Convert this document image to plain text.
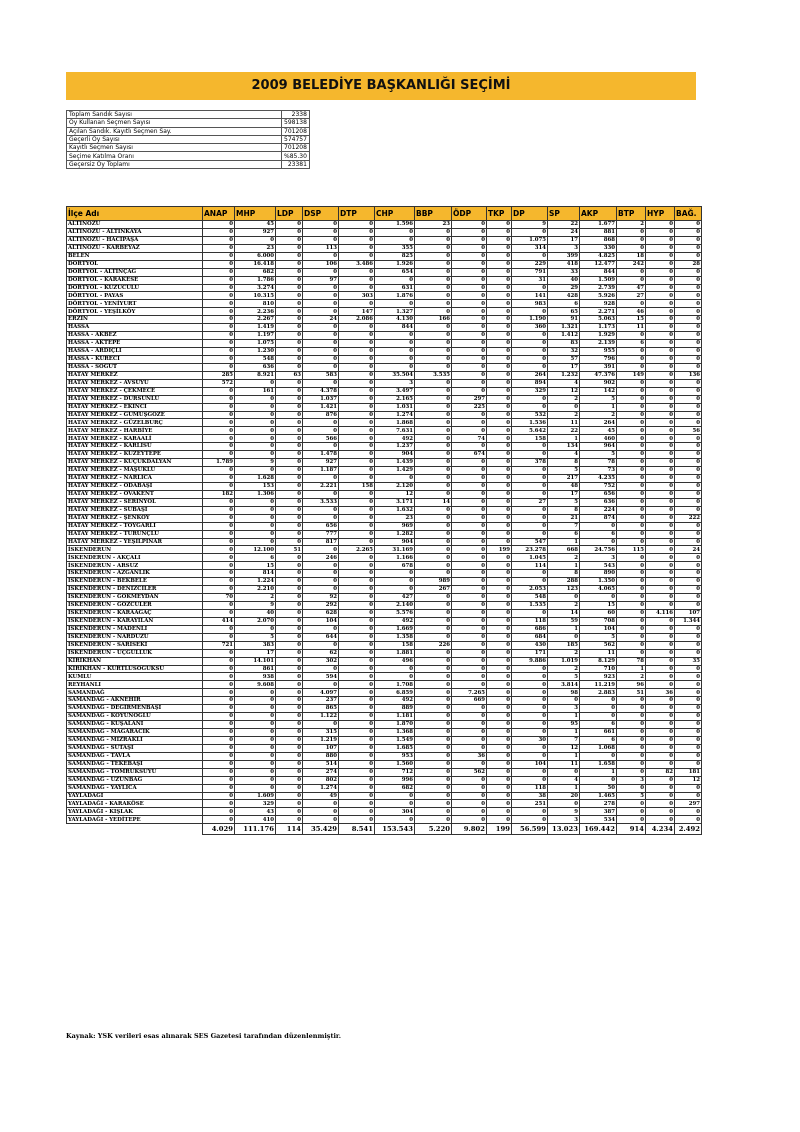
2009 BELEDİYE BAŞKANLIĞI SEÇİMİ
Toplam Sandık Sayısı	2338
Oy Kullanan Seçmen Sayısı	598138
Açılan Sandık. Kayıtlı Seçmen Say.	701208
Geçerli Oy Sayısı	574757
Kayıtlı Seçmen Sayısı	701208
Seçime Katılma Oranı	%85.30
Geçersiz Oy Toplamı	23381
İlçe Adı	ANAP	MHP	LDP	DSP	DTP	CHP	BBP	ÖDP	TKP	DP	SP	AKP	BTP	HYP	BAĞ.
ALTINÖZÜ	0	45	0	0	0	1.596	23	0	0	9	22	1.677	2	0	0
ALTINÖZÜ - ALTINKAYA	0	927	0	0	0	0	0	0	0	0	24	881	0	0	0
ALTINÖZÜ - HACIPAŞA	0	0	0	0	0	0	0	0	0	1.075	17	868	0	0	0
ALTINÖZÜ - KARBEYAZ	0	23	0	113	0	355	0	0	0	314	3	330	0	0	0
BELEN	0	6.000	0	0	0	825	0	0	0	0	399	4.825	18	0	0
DÖRTYOL	0	16.418	0	106	3.486	1.926	0	0	0	229	418	12.477	242	0	28
DÖRTYOL - ALTINÇAĞ	0	682	0	0	0	654	0	0	0	791	33	844	0	0	0
DÖRTYOL - KARAKESE	0	1.786	0	97	0	0	0	0	0	31	40	1.509	0	0	0
DÖRTYOL - KUZUCULU	0	3.274	0	0	0	631	0	0	0	0	29	2.739	47	0	0
DÖRTYOL - PAYAS	0	10.315	0	0	303	1.876	0	0	0	141	428	5.926	27	0	0
DÖRTYOL - YENİYURT	0	810	0	0	0	0	0	0	0	983	6	928	0	0	0
DÖRTYOL - YEŞİLKÖY	0	2.236	0	0	147	1.327	0	0	0	0	65	2.271	46	0	0
ERZİN	0	2.267	0	24	2.086	4.130	166	0	0	1.190	91	5.063	15	0	0
HASSA	0	1.419	0	0	0	844	0	0	0	360	1.321	1.173	11	0	0
HASSA - AKBEZ	0	1.197	0	0	0	0	0	0	0	0	1.412	1.929	0	0	0
HASSA - AKTEPE	0	1.075	0	0	0	0	0	0	0	0	83	2.139	6	0	0
HASSA - ARDIÇLI	0	1.230	0	0	0	0	0	0	0	0	32	955	0	0	0
HASSA - KÜRECİ	0	548	0	0	0	0	0	0	0	0	57	796	0	0	0
HASSA - SÖĞÜT	0	636	0	0	0	0	0	0	0	0	17	391	0	0	0
HATAY MERKEZ	285	8.921	63	583	0	35.504	3.535	0	0	264	1.232	47.376	149	0	136
HATAY MERKEZ - AVSUYU	572	0	0	0	0	3	0	0	0	894	4	902	0	0	0
HATAY MERKEZ - ÇEKMECE	0	161	0	4.378	0	3.497	0	0	0	329	12	142	0	0	0
HATAY MERKEZ - DURSUNLU	0	0	0	1.037	0	2.165	0	297	0	0	2	5	0	0	0
HATAY MERKEZ - EKİNCİ	0	0	0	1.421	0	1.031	0	225	0	0	0	1	0	0	0
HATAY MERKEZ - GÜMÜŞGÖZE	0	0	0	876	0	1.274	0	0	0	532	2	2	0	0	0
HATAY MERKEZ - GÜZELBURÇ	0	0	0	0	0	1.868	0	0	0	1.536	11	264	0	0	0
HATAY MERKEZ - HARBİYE	0	0	0	0	0	7.631	0	0	0	5.642	22	45	0	0	56
HATAY MERKEZ - KARAALİ	0	0	0	566	0	492	0	74	0	158	1	460	0	0	0
HATAY MERKEZ - KARLISU	0	0	0	0	0	1.237	0	0	0	0	134	964	0	0	0
HATAY MERKEZ - KUZEYTEPE	0	0	0	1.478	0	904	0	674	0	0	4	5	0	0	0
HATAY MERKEZ - KÜÇÜKDALYAN	1.789	9	0	927	0	1.439	0	0	0	378	8	78	0	0	0
HATAY MERKEZ - MAŞUKLU	0	0	0	1.187	0	1.429	0	0	0	0	5	73	0	0	0
HATAY MERKEZ - NARLICA	0	1.628	0	0	0	0	0	0	0	0	217	4.235	0	0	0
HATAY MERKEZ - ODABAŞI	0	153	0	2.221	158	2.120	0	0	0	0	48	752	0	0	0
HATAY MERKEZ - OVAKENT	182	1.306	0	0	0	12	0	0	0	0	17	656	0	0	0
HATAY MERKEZ - SERİNYOL	0	0	0	3.533	0	3.171	14	0	0	27	5	636	0	0	0
HATAY MERKEZ - SUBAŞI	0	0	0	0	0	1.632	0	0	0	0	8	224	0	0	0
HATAY MERKEZ - ŞENKÖY	0	0	0	0	0	23	0	0	0	0	21	874	0	0	222
HATAY MERKEZ - TOYGARLI	0	0	0	656	0	969	0	0	0	0	7	0	0	0	0
HATAY MERKEZ - TURUNÇLU	0	0	0	777	0	1.282	0	0	0	0	6	6	0	0	0
HATAY MERKEZ - YEŞİLPINAR	0	0	0	817	0	904	0	0	0	547	1	0	0	0	0
İSKENDERUN	0	12.100	51	0	2.265	31.169	0	0	199	23.278	668	24.756	115	0	24
İSKENDERUN - AKÇALI	0	6	0	246	0	1.166	0	0	0	1.045	2	3	0	0	0
İSKENDERUN - ARSUZ	0	15	0	0	0	678	0	0	0	114	1	543	0	0	0
İSKENDERUN - AZGANLIK	0	814	0	0	0	0	0	0	0	0	8	890	0	0	0
İSKENDERUN - BEKBELE	0	1.224	0	0	0	0	989	0	0	0	288	1.350	0	0	0
İSKENDERUN - DENİZCİLER	0	2.210	0	0	0	0	267	0	0	2.053	123	4.065	0	0	0
İSKENDERUN - GÖKMEYDAN	70	2	0	92	0	427	0	0	0	548	0	0	0	0	0
İSKENDERUN - GÖZCÜLER	0	9	0	292	0	2.140	0	0	0	1.535	2	15	0	0	0
İSKENDERUN - KARAAĞAÇ	0	40	0	628	0	5.576	0	0	0	0	14	60	0	4.116	107
İSKENDERUN - KARAYILAN	414	2.070	0	104	0	492	0	0	0	118	59	708	0	0	1.344
İSKENDERUN - MADENLİ	0	0	0	0	0	1.669	0	0	0	686	1	104	0	0	0
İSKENDERUN - NARDÜZÜ	0	5	0	644	0	1.358	0	0	0	684	0	5	0	0	0
İSKENDERUN - SARISEKİ	721	383	0	0	0	158	226	0	0	430	185	562	0	0	0
İSKENDERUN - ÜÇGÜLLÜK	0	17	0	62	0	1.881	0	0	0	171	2	11	0	0	0
KIRIKHAN	0	14.101	0	302	0	496	0	0	0	9.886	1.019	8.129	78	0	35
KIRIKHAN - KURTLUSOĞUKSU	0	861	0	0	0	0	0	0	0	0	2	710	1	0	0
KUMLU	0	938	0	594	0	0	0	0	0	0	5	923	2	0	0
REYHANLI	0	9.608	0	0	0	1.708	0	0	0	0	3.814	11.219	96	0	0
SAMANDAĞ	0	0	0	4.097	0	6.859	0	7.265	0	0	98	2.883	51	36	0
SAMANDAĞ - AKNEHİR	0	0	0	237	0	492	0	669	0	0	0	0	0	0	0
SAMANDAĞ - DEĞİRMENBAŞI	0	0	0	865	0	889	0	0	0	0	3	0	0	0	0
SAMANDAĞ - KOYUNOĞLU	0	0	0	1.122	0	1.181	0	0	0	0	1	0	0	0	0
SAMANDAĞ - KUŞALANI	0	0	0	0	0	1.870	0	0	0	0	95	6	0	0	0
SAMANDAĞ - MAĞARACIK	0	0	0	315	0	1.368	0	0	0	0	1	661	0	0	0
SAMANDAĞ - MIZRAKLI	0	0	0	1.219	0	1.549	0	0	0	30	7	6	0	0	0
SAMANDAĞ - SUTAŞI	0	0	0	107	0	1.685	0	0	0	0	12	1.068	0	0	0
SAMANDAĞ - TAVLA	0	0	0	880	0	953	0	36	0	0	1	0	0	0	0
SAMANDAĞ - TEKEBAŞI	0	0	0	514	0	1.560	0	0	0	104	11	1.658	0	0	0
SAMANDAĞ - TOMRUKSUYU	0	0	0	274	0	712	0	562	0	0	0	1	0	82	181
SAMANDAĞ - UZUNBAĞ	0	0	0	802	0	996	0	0	0	0	4	0	3	0	12
SAMANDAĞ - YAYLICA	0	0	0	1.274	0	682	0	0	0	118	1	50	0	0	0
YAYLADAĞI	0	1.609	0	49	0	0	0	0	0	38	20	1.465	5	0	0
YAYLADAĞI - KARAKÖSE	0	329	0	0	0	0	0	0	0	251	0	278	0	0	297
YAYLADAĞI - KIŞLAK	0	43	0	0	0	304	0	0	0	0	9	387	0	0	0
YAYLADAĞI - YEDİTEPE	0	410	0	0	0	0	0	0	0	0	3	534	0	0	0
	4.029	111.176	114	35.429	8.541	153.543	5.220	9.802	199	56.599	13.023	169.442	914	4.234	2.492
Kaynak: YSK verileri esas alınarak SES Gazetesi tarafından düzenlenmiştir.
